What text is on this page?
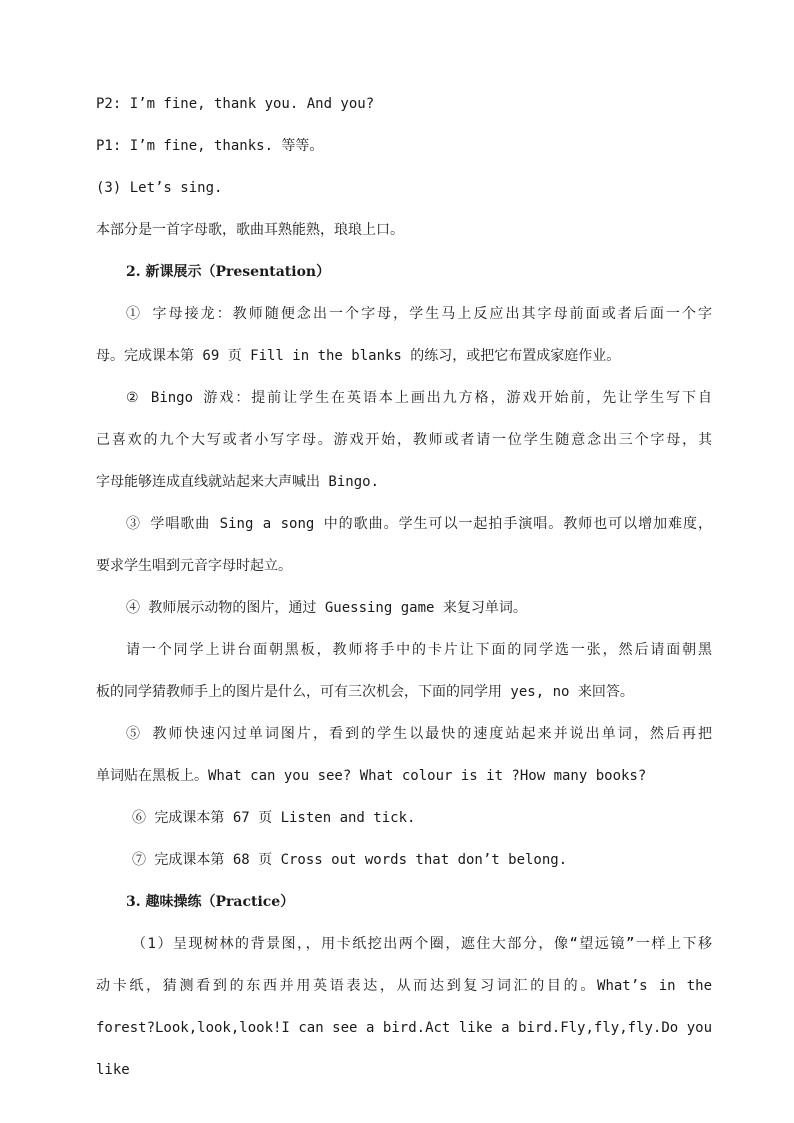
P2: I’m fine, thank you. And you?
P1: I’m fine, thanks. 等等。
(3) Let’s sing.
本部分是一首字母歌，歌曲耳熟能熟，琅琅上口。
2. 新课展示（Presentation）
① 字母接龙：教师随便念出一个字母，学生马上反应出其字母前面或者后面一个字
母。完成课本第 69 页 Fill in the blanks 的练习，或把它布置成家庭作业。
② Bingo 游戏：提前让学生在英语本上画出九方格，游戏开始前，先让学生写下自
己喜欢的九个大写或者小写字母。游戏开始，教师或者请一位学生随意念出三个字母，其
字母能够连成直线就站起来大声喊出 Bingo.
③ 学唱歌曲 Sing a song 中的歌曲。学生可以一起拍手演唱。教师也可以增加难度，
要求学生唱到元音字母时起立。
④ 教师展示动物的图片，通过 Guessing game 来复习单词。
请一个同学上讲台面朝黑板，教师将手中的卡片让下面的同学选一张，然后请面朝黑
板的同学猜教师手上的图片是什么，可有三次机会，下面的同学用 yes, no 来回答。
⑤ 教师快速闪过单词图片，看到的学生以最快的速度站起来并说出单词，然后再把
单词贴在黑板上。What can you see? What colour is it ?How many books?
⑥ 完成课本第 67 页 Listen and tick.
⑦ 完成课本第 68 页 Cross out words that don’t belong.
3. 趣味操练（Practice）
（1）呈现树林的背景图，，用卡纸挖出两个圈，遮住大部分，像“望远镜”一样上下移
动卡纸，猜测看到的东西并用英语表达，从而达到复习词汇的目的。What’s in the
forest?Look,look,look!I can see a bird.Act like a bird.Fly,fly,fly.Do you
like
